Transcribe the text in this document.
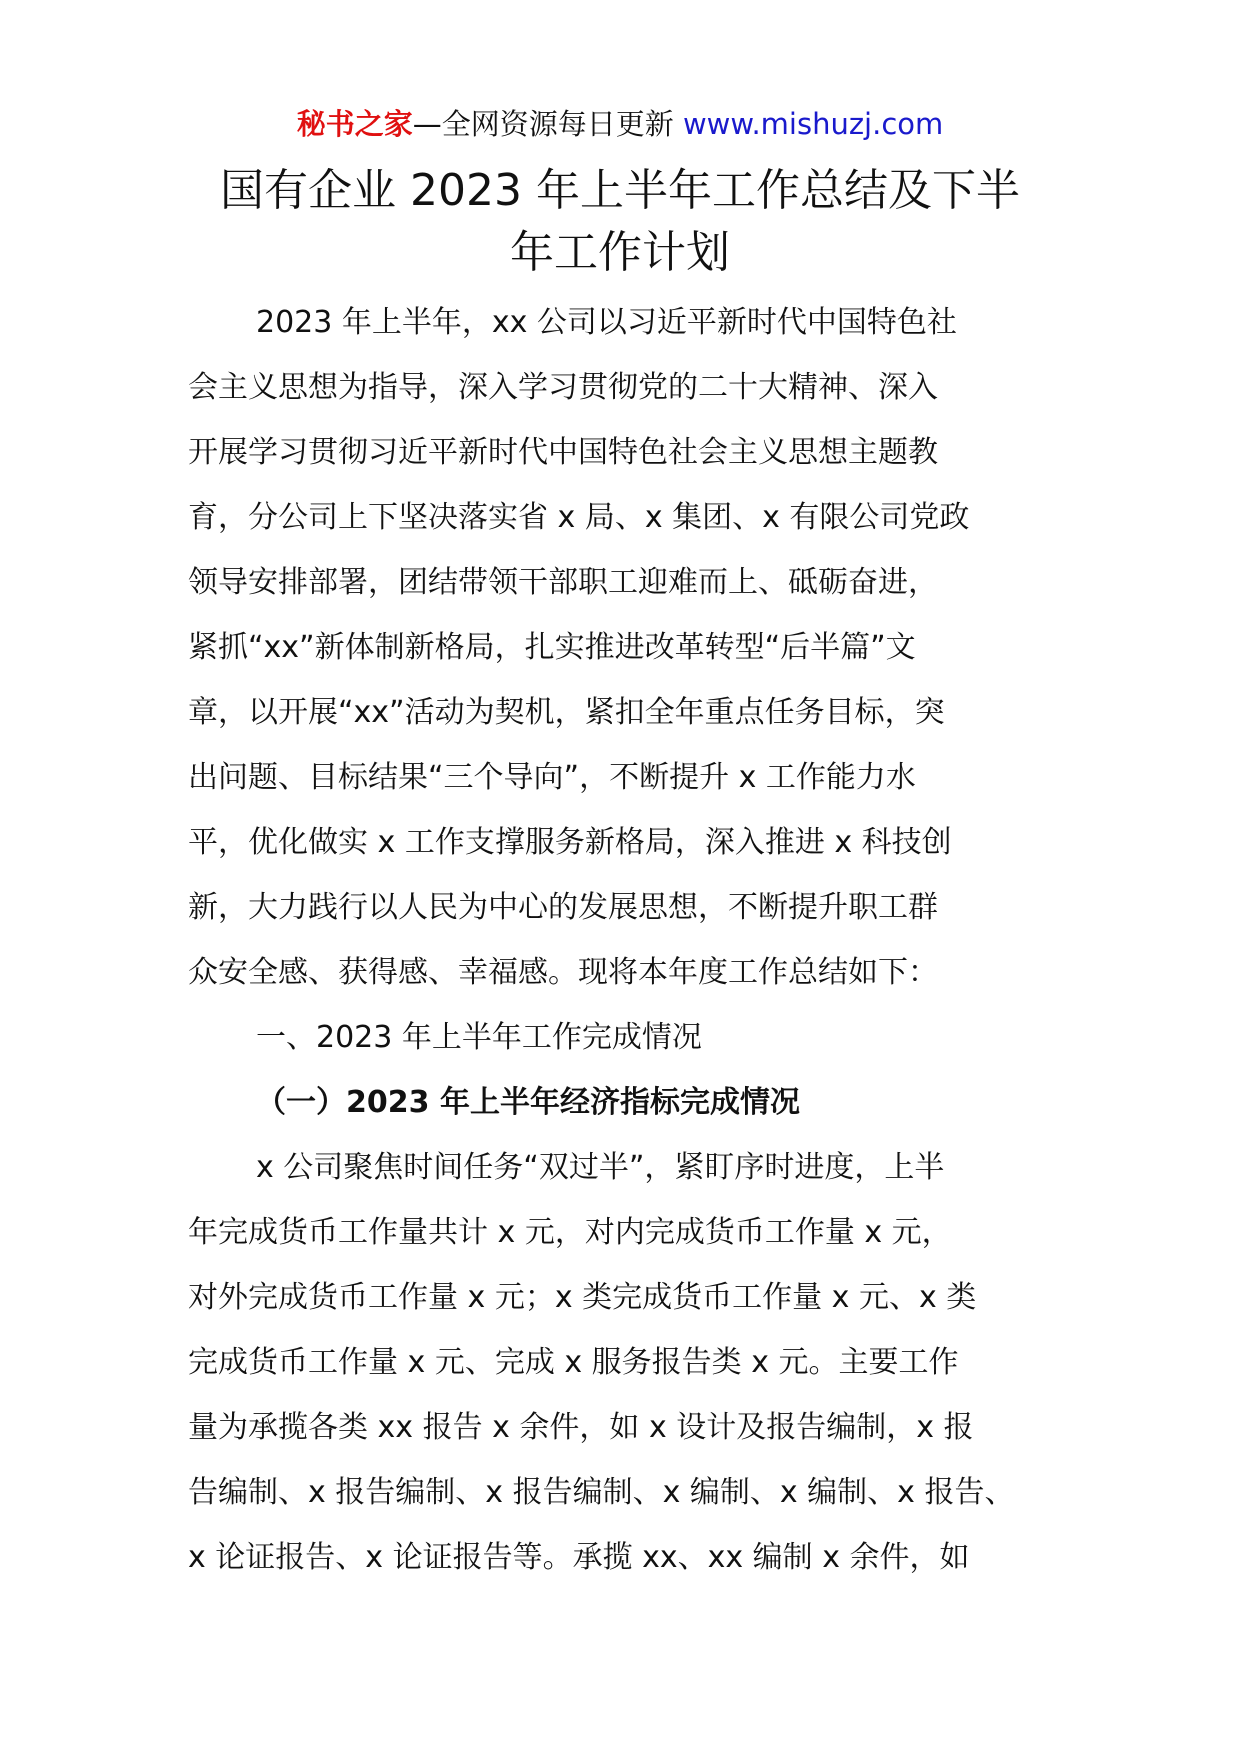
秘书之家—全网资源每日更新 www.mishuzj.com
国有企业 2023 年上半年工作总结及下半
年工作计划
2023 年上半年，xx 公司以习近平新时代中国特色社
会主义思想为指导，深入学习贯彻党的二十大精神、深入
开展学习贯彻习近平新时代中国特色社会主义思想主题教
育，分公司上下坚决落实省 x 局、x 集团、x 有限公司党政
领导安排部署，团结带领干部职工迎难而上、砥砺奋进，
紧抓“xx”新体制新格局，扎实推进改革转型“后半篇”文
章，以开展“xx”活动为契机，紧扣全年重点任务目标，突
出问题、目标结果“三个导向”，不断提升 x 工作能力水
平，优化做实 x 工作支撑服务新格局，深入推进 x 科技创
新，大力践行以人民为中心的发展思想，不断提升职工群
众安全感、获得感、幸福感。现将本年度工作总结如下：
一、2023 年上半年工作完成情况
（一）2023 年上半年经济指标完成情况
x 公司聚焦时间任务“双过半”，紧盯序时进度，上半
年完成货币工作量共计 x 元，对内完成货币工作量 x 元，
对外完成货币工作量 x 元；x 类完成货币工作量 x 元、x 类
完成货币工作量 x 元、完成 x 服务报告类 x 元。主要工作
量为承揽各类 xx 报告 x 余件，如 x 设计及报告编制，x 报
告编制、x 报告编制、x 报告编制、x 编制、x 编制、x 报告、
x 论证报告、x 论证报告等。承揽 xx、xx 编制 x 余件，如
